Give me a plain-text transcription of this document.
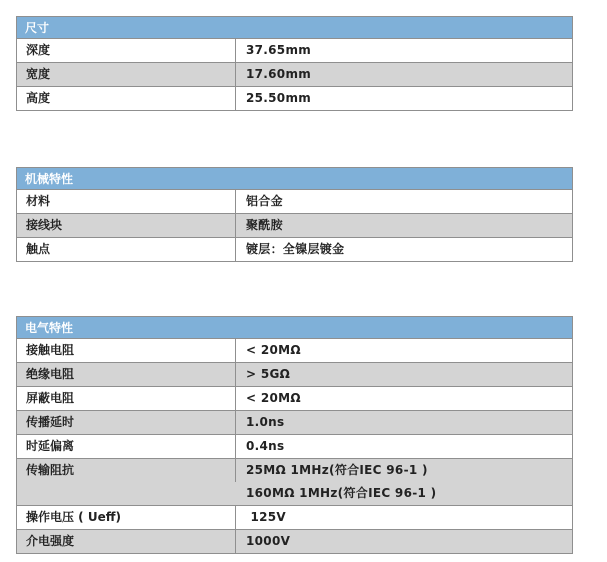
尺寸
深度	37.65mm
宽度	17.60mm
高度	25.50mm
机械特性
材料	铝合金
接线块	聚酰胺
触点	镀层：全镍层镀金
电气特性
接触电阻	< 20MΩ
绝缘电阻	> 5GΩ
屏蔽电阻	< 20MΩ
传播延时	1.0ns
时延偏离	0.4ns
传输阻抗	25MΩ 1MHz(符合IEC 96-1 )
160MΩ 1MHz(符合IEC 96-1 )
操作电压 ( Ueff)	125V
介电强度	1000V
